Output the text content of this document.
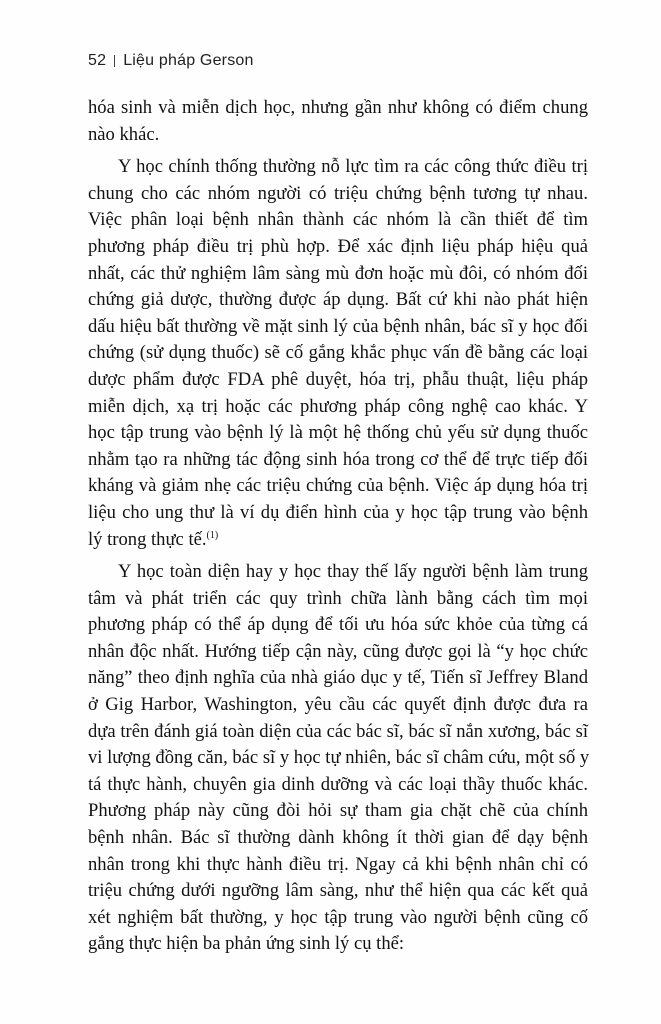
52 Liệu pháp Gerson
hóa sinh và miễn dịch học, nhưng gần như không có điểm chung
nào khác.
Y học chính thống thường nỗ lực tìm ra các công thức điều trị
chung cho các nhóm người có triệu chứng bệnh tương tự nhau.
Việc phân loại bệnh nhân thành các nhóm là cần thiết để tìm
phương pháp điều trị phù hợp. Để xác định liệu pháp hiệu quả
nhất, các thử nghiệm lâm sàng mù đơn hoặc mù đôi, có nhóm đối
chứng giả dược, thường được áp dụng. Bất cứ khi nào phát hiện
dấu hiệu bất thường về mặt sinh lý của bệnh nhân, bác sĩ y học đối
chứng (sử dụng thuốc) sẽ cố gắng khắc phục vấn đề bằng các loại
dược phẩm được FDA phê duyệt, hóa trị, phẫu thuật, liệu pháp
miễn dịch, xạ trị hoặc các phương pháp công nghệ cao khác. Y
học tập trung vào bệnh lý là một hệ thống chủ yếu sử dụng thuốc
nhằm tạo ra những tác động sinh hóa trong cơ thể để trực tiếp đối
kháng và giảm nhẹ các triệu chứng của bệnh. Việc áp dụng hóa trị
liệu cho ung thư là ví dụ điển hình của y học tập trung vào bệnh
lý trong thực tế.$^{(1)}$
Y học toàn diện hay y học thay thế lấy người bệnh làm trung
tâm và phát triển các quy trình chữa lành bằng cách tìm mọi
phương pháp có thể áp dụng để tối ưu hóa sức khỏe của từng cá
nhân độc nhất. Hướng tiếp cận này, cũng được gọi là “y học chức
năng” theo định nghĩa của nhà giáo dục y tế, Tiến sĩ Jeffrey Bland
ở Gig Harbor, Washington, yêu cầu các quyết định được đưa ra
dựa trên đánh giá toàn diện của các bác sĩ, bác sĩ nắn xương, bác sĩ
vi lượng đồng căn, bác sĩ y học tự nhiên, bác sĩ châm cứu, một số y
tá thực hành, chuyên gia dinh dưỡng và các loại thầy thuốc khác.
Phương pháp này cũng đòi hỏi sự tham gia chặt chẽ của chính
bệnh nhân. Bác sĩ thường dành không ít thời gian để dạy bệnh
nhân trong khi thực hành điều trị. Ngay cả khi bệnh nhân chỉ có
triệu chứng dưới ngưỡng lâm sàng, như thể hiện qua các kết quả
xét nghiệm bất thường, y học tập trung vào người bệnh cũng cố
gắng thực hiện ba phản ứng sinh lý cụ thể:
